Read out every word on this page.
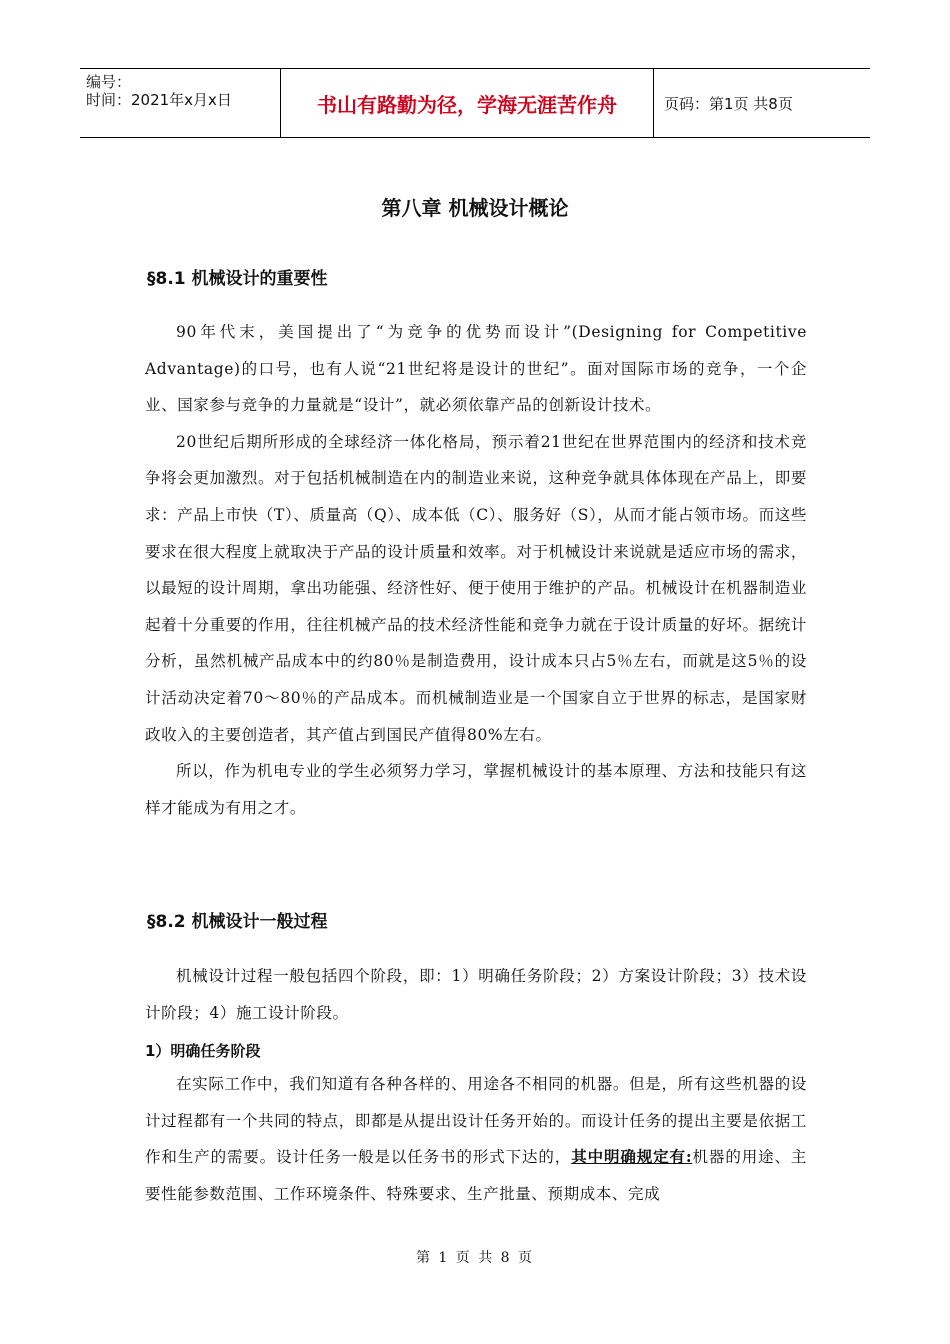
编号：
时间：2021年x月x日	书山有路勤为径，学海无涯苦作舟	页码：第1页 共8页
第八章 机械设计概论
§8.1 机械设计的重要性

90年代末，美国提出了“为竞争的优势而设计”(Designing for Competitive Advantage)的口号，也有人说“21世纪将是设计的世纪”。面对国际市场的竞争，一个企业、国家参与竞争的力量就是“设计”，就必须依靠产品的创新设计技术。

20世纪后期所形成的全球经济一体化格局，预示着21世纪在世界范围内的经济和技术竞争将会更加激烈。对于包括机械制造在内的制造业来说，这种竞争就具体体现在产品上，即要求：产品上市快（T）、质量高（Q）、成本低（C）、服务好（S），从而才能占领市场。而这些要求在很大程度上就取决于产品的设计质量和效率。对于机械设计来说就是适应市场的需求，以最短的设计周期，拿出功能强、经济性好、便于使用于维护的产品。机械设计在机器制造业起着十分重要的作用，往往机械产品的技术经济性能和竞争力就在于设计质量的好坏。据统计分析，虽然机械产品成本中的约80％是制造费用，设计成本只占5％左右，而就是这5％的设计活动决定着70～80％的产品成本。而机械制造业是一个国家自立于世界的标志，是国家财政收入的主要创造者，其产值占到国民产值得80%左右。

所以，作为机电专业的学生必须努力学习，掌握机械设计的基本原理、方法和技能只有这样才能成为有用之才。

§8.2 机械设计一般过程

机械设计过程一般包括四个阶段，即：1）明确任务阶段；2）方案设计阶段；3）技术设计阶段；4）施工设计阶段。

1）明确任务阶段

在实际工作中，我们知道有各种各样的、用途各不相同的机器。但是，所有这些机器的设计过程都有一个共同的特点，即都是从提出设计任务开始的。而设计任务的提出主要是依据工作和生产的需要。设计任务一般是以任务书的形式下达的，其中明确规定有:机器的用途、主要性能参数范围、工作环境条件、特殊要求、生产批量、预期成本、完成

第 1 页 共 8 页
